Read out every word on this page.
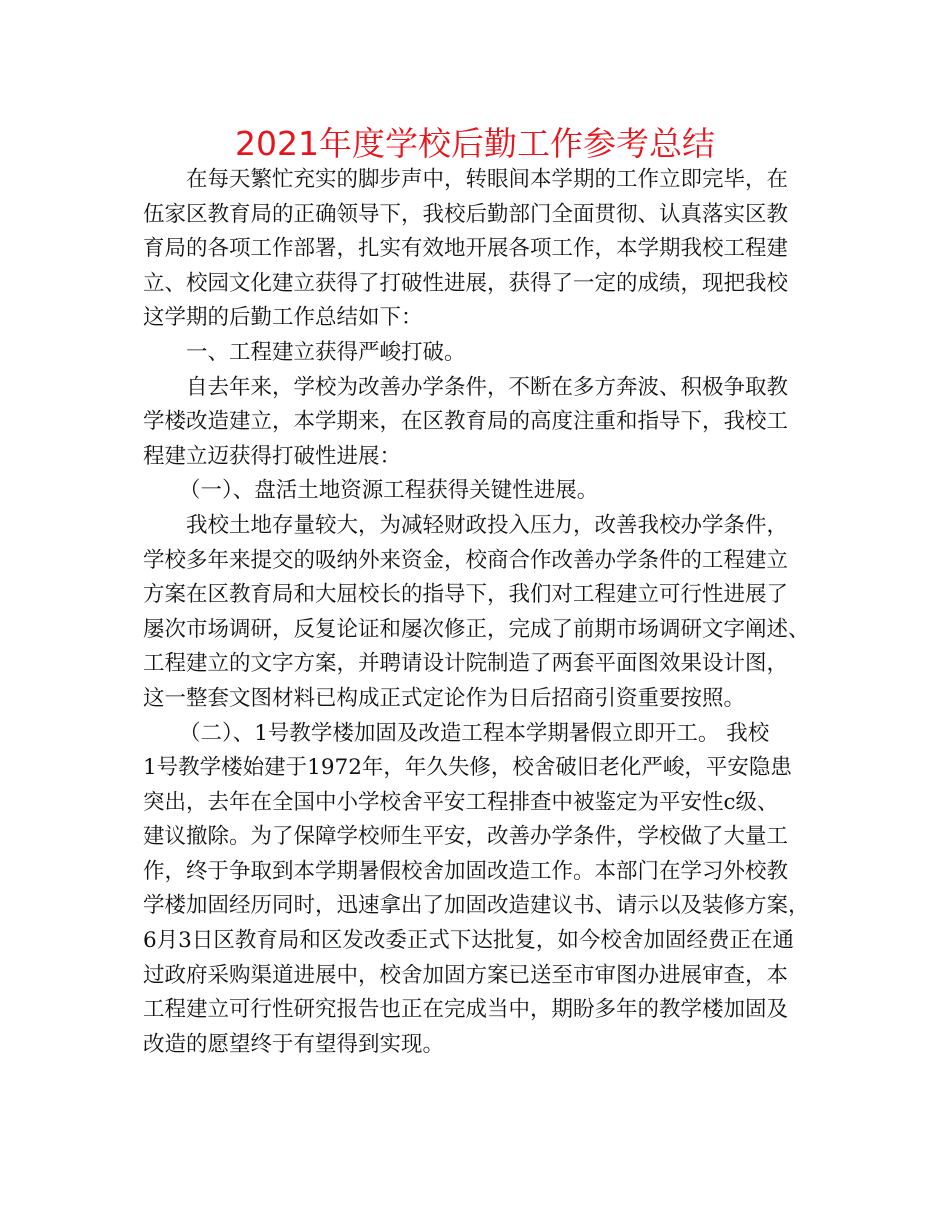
2021年度学校后勤工作参考总结
在每天繁忙充实的脚步声中，转眼间本学期的工作立即完毕，在
伍家区教育局的正确领导下，我校后勤部门全面贯彻、认真落实区教
育局的各项工作部署，扎实有效地开展各项工作，本学期我校工程建
立、校园文化建立获得了打破性进展，获得了一定的成绩，现把我校
这学期的后勤工作总结如下：
一、工程建立获得严峻打破。
自去年来，学校为改善办学条件，不断在多方奔波、积极争取教
学楼改造建立，本学期来，在区教育局的高度注重和指导下，我校工
程建立迈获得打破性进展：
（一）、盘活土地资源工程获得关键性进展。
我校土地存量较大，为减轻财政投入压力，改善我校办学条件，
学校多年来提交的吸纳外来资金，校商合作改善办学条件的工程建立
方案在区教育局和大屈校长的指导下，我们对工程建立可行性进展了
屡次市场调研，反复论证和屡次修正，完成了前期市场调研文字阐述、
工程建立的文字方案，并聘请设计院制造了两套平面图效果设计图，
这一整套文图材料已构成正式定论作为日后招商引资重要按照。
（二）、1号教学楼加固及改造工程本学期暑假立即开工。 我校
1号教学楼始建于1972年，年久失修，校舍破旧老化严峻，平安隐患
突出，去年在全国中小学校舍平安工程排查中被鉴定为平安性c级、
建议撤除。为了保障学校师生平安，改善办学条件，学校做了大量工
作，终于争取到本学期暑假校舍加固改造工作。本部门在学习外校教
学楼加固经历同时，迅速拿出了加固改造建议书、请示以及装修方案，
6月3日区教育局和区发改委正式下达批复，如今校舍加固经费正在通
过政府采购渠道进展中，校舍加固方案已送至市审图办进展审查，本
工程建立可行性研究报告也正在完成当中，期盼多年的教学楼加固及
改造的愿望终于有望得到实现。
